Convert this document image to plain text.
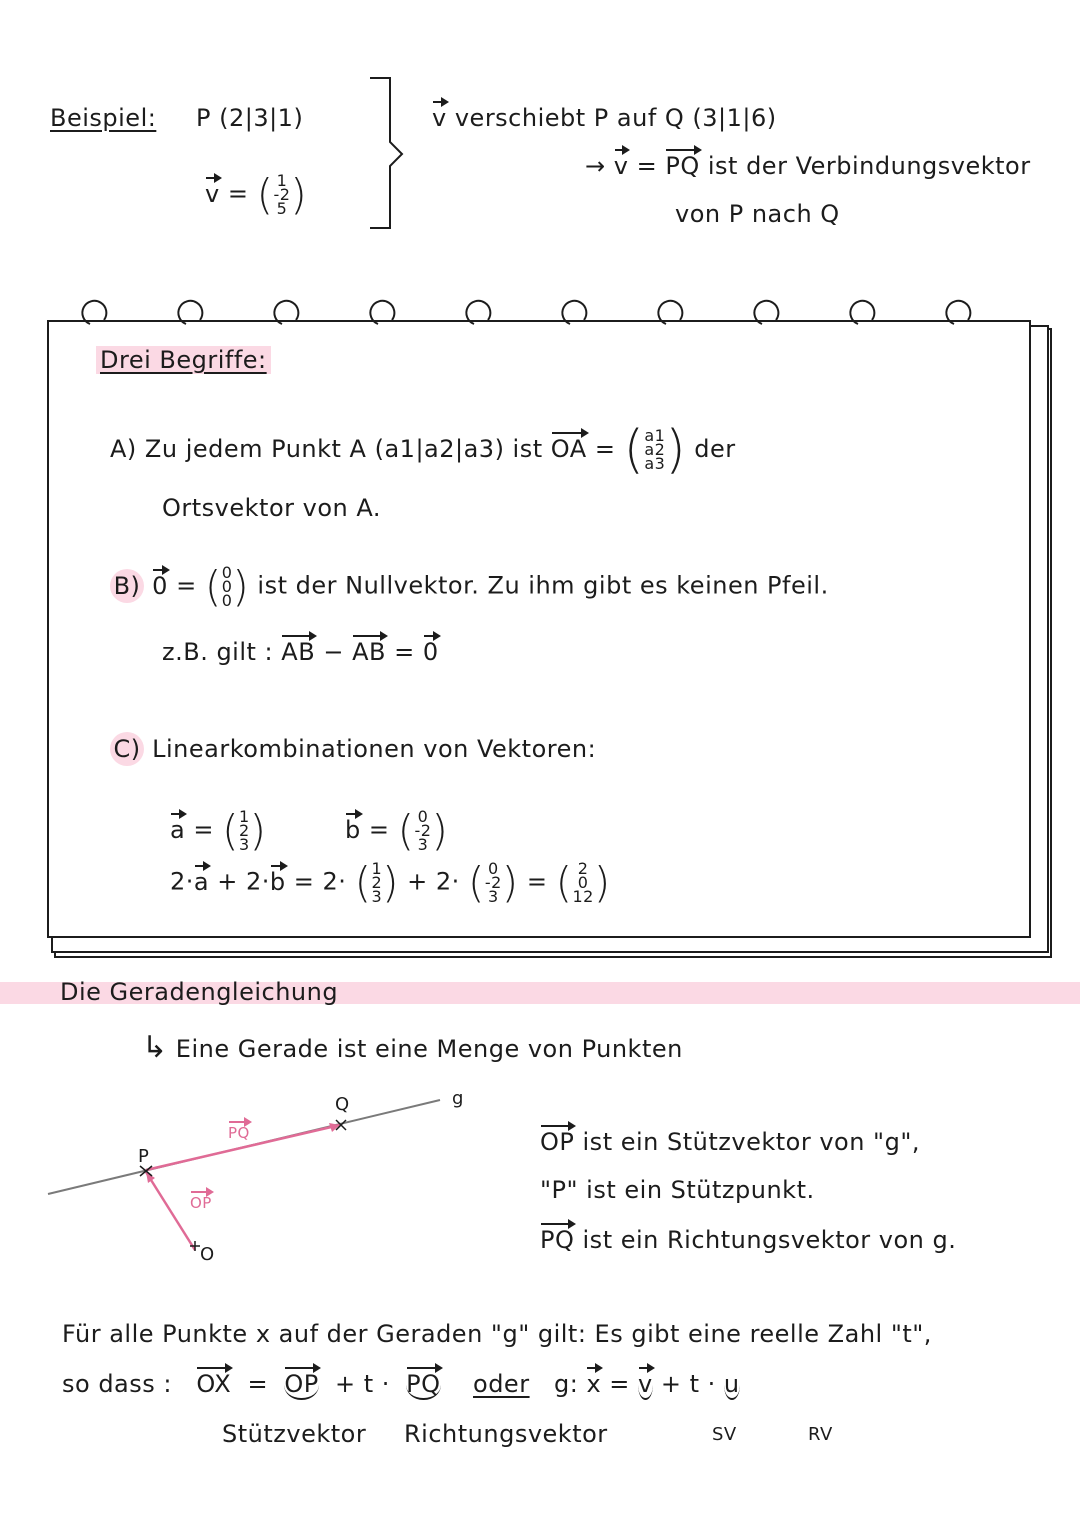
Beispiel: P (2|3|1)
v = ( 1
-2
5)
v verschiebt P auf Q (3|1|6)
→ v = PQ ist der Verbindungsvektor
von P nach Q
Drei Begriffe:
A) Zu jedem Punkt A (a1|a2|a3) ist OA = (a1
a2
a3) der
Ortsvektor von A.
B) 0 = (0
0
0) ist der Nullvektor. Zu ihm gibt es keinen Pfeil.
z.B. gilt : AB − AB = 0
C) Linearkombinationen von Vektoren:
a = (1
2
3)	b = ( 0
-2
3)
2·a + 2·b = 2· (1
2
3) + 2· ( 0
-2
3) = ( 2
0
12)
Die Geradengleichung
↳ Eine Gerade ist eine Menge von Punkten
Q	g
P
O
PQ
OP
OP ist ein Stützvektor von "g",
"P" ist ein Stützpunkt.
PQ ist ein Richtungsvektor von g.
Für alle Punkte x auf der Geraden "g" gilt: Es gibt eine reelle Zahl "t",
so dass : OX = OP + t · PQ oder g: x = v + t · u
Stützvektor Richtungsvektor	SV	RV
